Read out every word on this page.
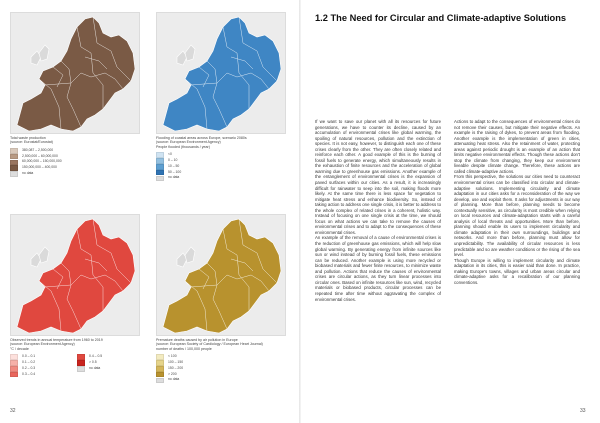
Total waste production
(source: Eurostat/Eurostat)
380,087 – 2,500,000
2,500,000 – 60,000,000
60,000,000 – 150,000,000
150,000,000 – 400,000
no data
Flooding of coastal areas across Europe, scenario 2080s
(source: European Environment Agency)
People flooded (thousands / year)
<0
0 – 10
10 – 50
50 – 100
no data
Observed trends in annual temperature from 1960 to 2019
(source: European Environment Agency)
°C / decade
0.0 – 0.1	0.4 – 0.5
0.1 – 0.2	> 0.5
0.2 – 0.3	no data
0.3 – 0.4
Premature deaths caused by air pollution in Europe
(source: European Society of Cardiology / European Heart Journal)
number of deaths / 100,000 people
< 100
100 – 150
150 – 200
> 200
no data
32
1.2 The Need for Circular and Climate-adaptive Solutions

If we want to save our planet with all its resources for future generations, we have to counter its decline, caused by an accumulation of environmental crises like global warming, the spoiling of natural resources, pollution and the extinction of species. It is not easy, however, to distinguish each one of these crises clearly from the other. They are often closely related and reinforce each other. A good example of this is the burning of fossil fuels to generate energy, which simultaneously results in the exhaustion of finite resources and the acceleration of global warming due to greenhouse gas emissions. Another example of the entanglement of environmental crises is the expansion of paved surfaces within our cities. As a result, it is increasingly difficult for rainwater to seep into the soil, making floods more likely. At the same time there is less space for vegetation to mitigate heat stress and enhance biodiversity. So, instead of taking action to address one single crisis, it is better to address to the whole complex of related crises in a coherent, holistic way. Instead of focusing on one single crisis at the time, we should focus on what actions we can take to remove the causes of environmental crises and to adapt to the consequences of these environmental crises.

An example of the removal of a cause of environmental crises is the reduction of greenhouse gas emissions, which will help slow global warming. By generating energy from infinite sources like sun or wind instead of by burning fossil fuels, these emissions can be reduced. Another example is using more recycled or biobased materials and fewer finite resources, to minimize waste and pollution. Actions that reduce the causes of environmental crises are circular actions, as they turn linear processes into circular ones. Based on infinite resources like sun, wind, recycled materials or biobased products, circular processes can be repeated time after time without aggravating the complex of environmental crises.

Actions to adapt to the consequences of environmental crises do not remove their causes, but mitigate their negative effects. An example is the raising of dykes, to prevent areas from flooding. Another example is the implementation of green in cities, attenuating heat stress. Also the retainment of water, protecting areas against periodic drought is an example of an action that limits negative environmental effects. Though these actions don't stop the climate from changing, they keep our environment liveable despite climate change. Therefore, these actions are called climate-adaptive actions.

From this perspective, the solutions our cities need to counteract environmental crises can be classified into circular and climate-adaptive solutions. Implementing circularity and climate adaptation in our cities asks for a reconsideration of the way we develop, use and exploit them. It asks for adjustments in our way of planning. More than before, planning needs to become contextually sensitive, as circularity is most credible when relying on local resources and climate-adaptation starts with a careful analysis of local threats and opportunities. More than before, planning should enable its users to implement circularity and climate adaptation in their own surroundings, buildings and networks. And more than before, planning must allow for unpredictability. The availability of circular resources is less predictable and so are weather conditions or the rising of the sea level.

Though Europe is willing to implement circularity and climate adaptation in its cities, this is easier said than done. In practice, making Europe's towns, villages and urban areas circular and climate-adaptive asks for a recalibration of our planning conventions.

33
